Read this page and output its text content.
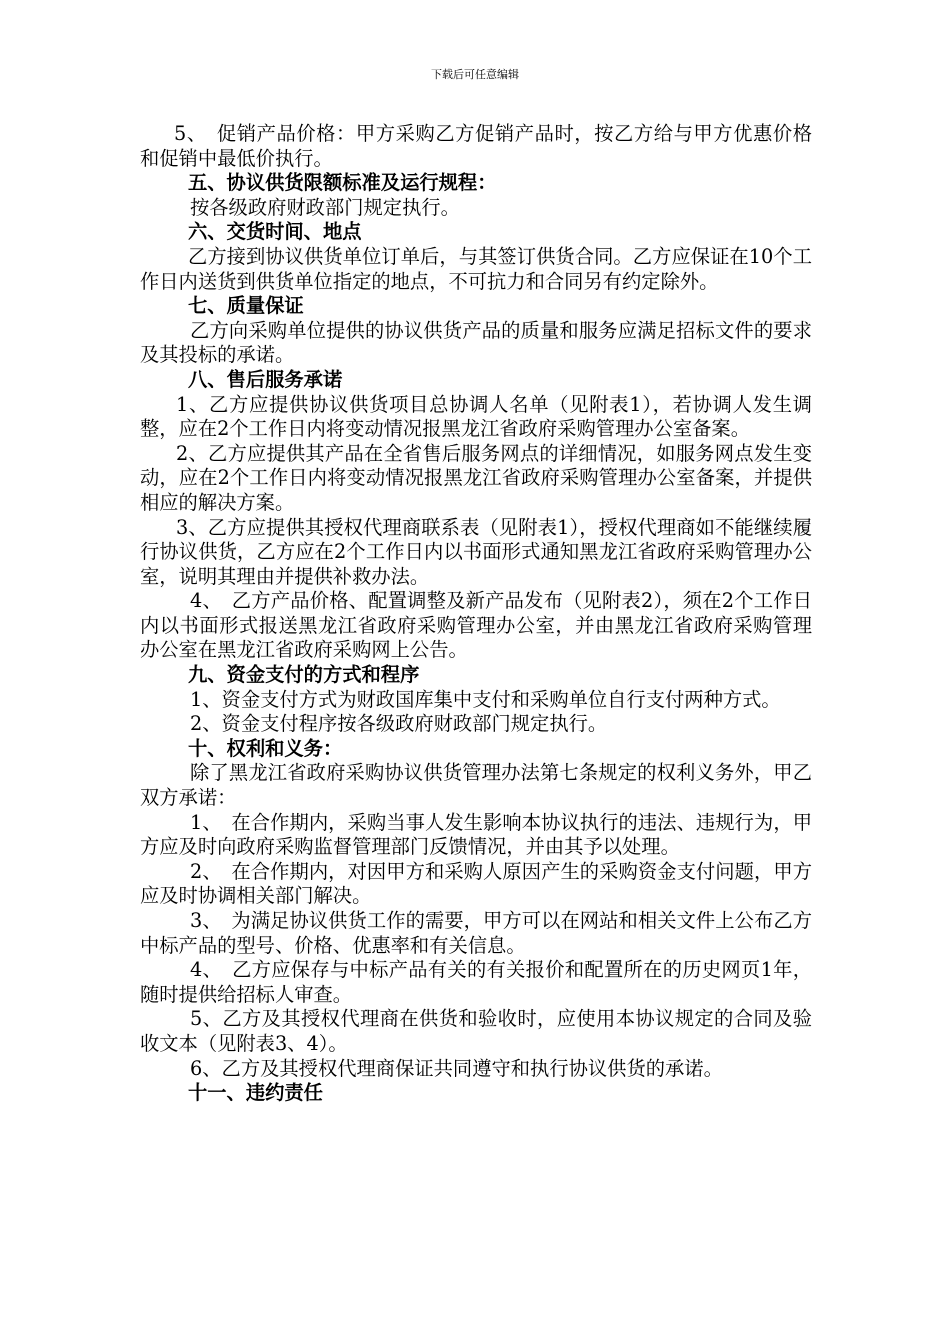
下载后可任意编辑

5、　促销产品价格：甲方采购乙方促销产品时，按乙方给与甲方优惠价格和促销中最低价执行。

五、协议供货限额标准及运行规程：

按各级政府财政部门规定执行。

六、交货时间、地点

乙方接到协议供货单位订单后，与其签订供货合同。乙方应保证在10个工作日内送货到供货单位指定的地点，不可抗力和合同另有约定除外。

七、质量保证

乙方向采购单位提供的协议供货产品的质量和服务应满足招标文件的要求及其投标的承诺。

八、售后服务承诺

1、乙方应提供协议供货项目总协调人名单（见附表1），若协调人发生调整，应在2个工作日内将变动情况报黑龙江省政府采购管理办公室备案。

2、乙方应提供其产品在全省售后服务网点的详细情况，如服务网点发生变动，应在2个工作日内将变动情况报黑龙江省政府采购管理办公室备案，并提供相应的解决方案。

3、乙方应提供其授权代理商联系表（见附表1），授权代理商如不能继续履行协议供货，乙方应在2个工作日内以书面形式通知黑龙江省政府采购管理办公室，说明其理由并提供补救办法。

4、　乙方产品价格、配置调整及新产品发布（见附表2），须在2个工作日内以书面形式报送黑龙江省政府采购管理办公室，并由黑龙江省政府采购管理办公室在黑龙江省政府采购网上公告。

九、资金支付的方式和程序

1、资金支付方式为财政国库集中支付和采购单位自行支付两种方式。

2、资金支付程序按各级政府财政部门规定执行。

十、权利和义务：

除了黑龙江省政府采购协议供货管理办法第七条规定的权利义务外，甲乙双方承诺：

1、　在合作期内，采购当事人发生影响本协议执行的违法、违规行为，甲方应及时向政府采购监督管理部门反馈情况，并由其予以处理。

2、　在合作期内，对因甲方和采购人原因产生的采购资金支付问题，甲方应及时协调相关部门解决。

3、　为满足协议供货工作的需要，甲方可以在网站和相关文件上公布乙方中标产品的型号、价格、优惠率和有关信息。

4、　乙方应保存与中标产品有关的有关报价和配置所在的历史网页1年，随时提供给招标人审查。

5、乙方及其授权代理商在供货和验收时，应使用本协议规定的合同及验收文本（见附表3、4）。

6、乙方及其授权代理商保证共同遵守和执行协议供货的承诺。

十一、违约责任
